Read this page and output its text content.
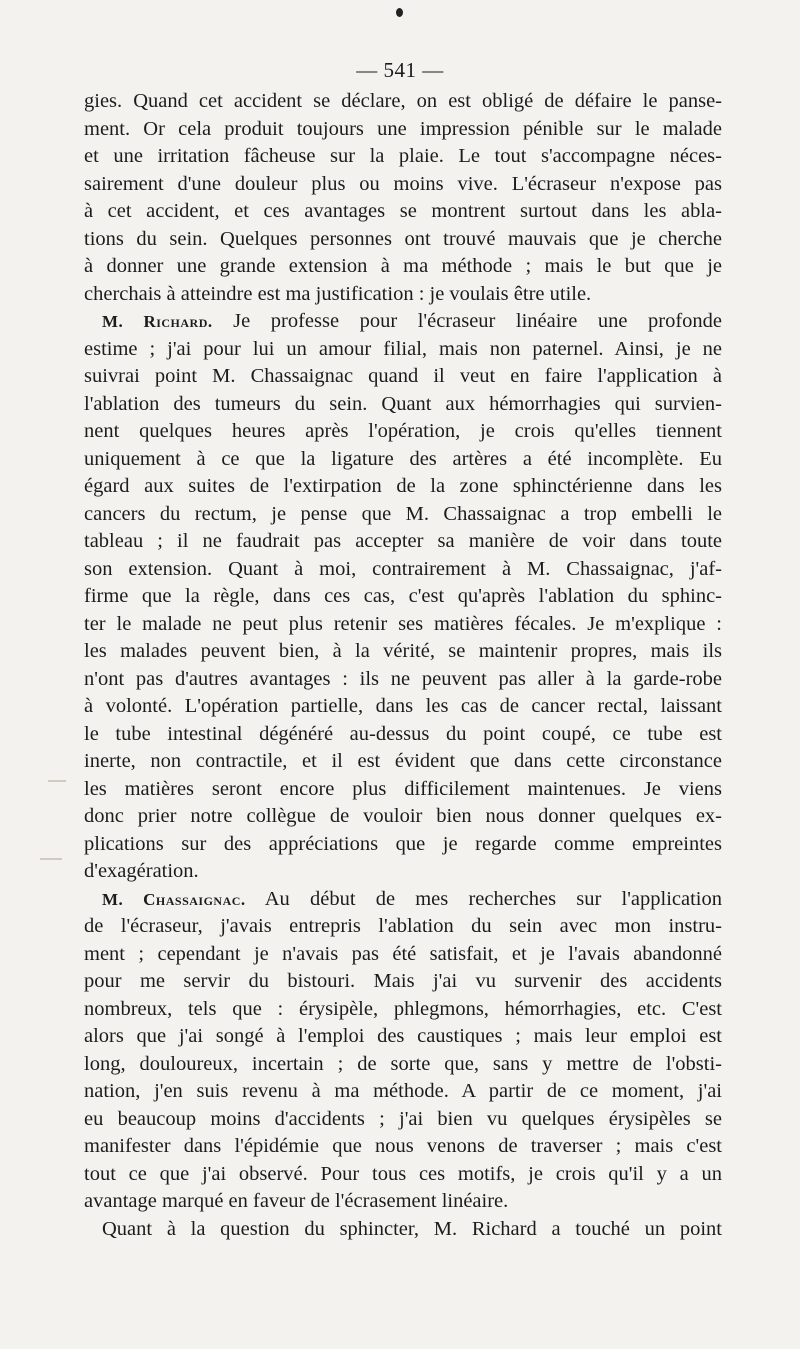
— 541 —
gies. Quand cet accident se déclare, on est obligé de défaire le panse-
ment. Or cela produit toujours une impression pénible sur le malade
et une irritation fâcheuse sur la plaie. Le tout s'accompagne néces-
sairement d'une douleur plus ou moins vive. L'écraseur n'expose pas
à cet accident, et ces avantages se montrent surtout dans les abla-
tions du sein. Quelques personnes ont trouvé mauvais que je cherche
à donner une grande extension à ma méthode ; mais le but que je
cherchais à atteindre est ma justification : je voulais être utile.
M. Richard. Je professe pour l'écraseur linéaire une profonde
estime ; j'ai pour lui un amour filial, mais non paternel. Ainsi, je ne
suivrai point M. Chassaignac quand il veut en faire l'application à
l'ablation des tumeurs du sein. Quant aux hémorrhagies qui survien-
nent quelques heures après l'opération, je crois qu'elles tiennent
uniquement à ce que la ligature des artères a été incomplète. Eu
égard aux suites de l'extirpation de la zone sphinctérienne dans les
cancers du rectum, je pense que M. Chassaignac a trop embelli le
tableau ; il ne faudrait pas accepter sa manière de voir dans toute
son extension. Quant à moi, contrairement à M. Chassaignac, j'af-
firme que la règle, dans ces cas, c'est qu'après l'ablation du sphinc-
ter le malade ne peut plus retenir ses matières fécales. Je m'explique :
les malades peuvent bien, à la vérité, se maintenir propres, mais ils
n'ont pas d'autres avantages : ils ne peuvent pas aller à la garde-robe
à volonté. L'opération partielle, dans les cas de cancer rectal, laissant
le tube intestinal dégénéré au-dessus du point coupé, ce tube est
inerte, non contractile, et il est évident que dans cette circonstance
les matières seront encore plus difficilement maintenues. Je viens
donc prier notre collègue de vouloir bien nous donner quelques ex-
plications sur des appréciations que je regarde comme empreintes
d'exagération.
M. Chassaignac. Au début de mes recherches sur l'application
de l'écraseur, j'avais entrepris l'ablation du sein avec mon instru-
ment ; cependant je n'avais pas été satisfait, et je l'avais abandonné
pour me servir du bistouri. Mais j'ai vu survenir des accidents
nombreux, tels que : érysipèle, phlegmons, hémorrhagies, etc. C'est
alors que j'ai songé à l'emploi des caustiques ; mais leur emploi est
long, douloureux, incertain ; de sorte que, sans y mettre de l'obsti-
nation, j'en suis revenu à ma méthode. A partir de ce moment, j'ai
eu beaucoup moins d'accidents ; j'ai bien vu quelques érysipèles se
manifester dans l'épidémie que nous venons de traverser ; mais c'est
tout ce que j'ai observé. Pour tous ces motifs, je crois qu'il y a un
avantage marqué en faveur de l'écrasement linéaire.
Quant à la question du sphincter, M. Richard a touché un point
